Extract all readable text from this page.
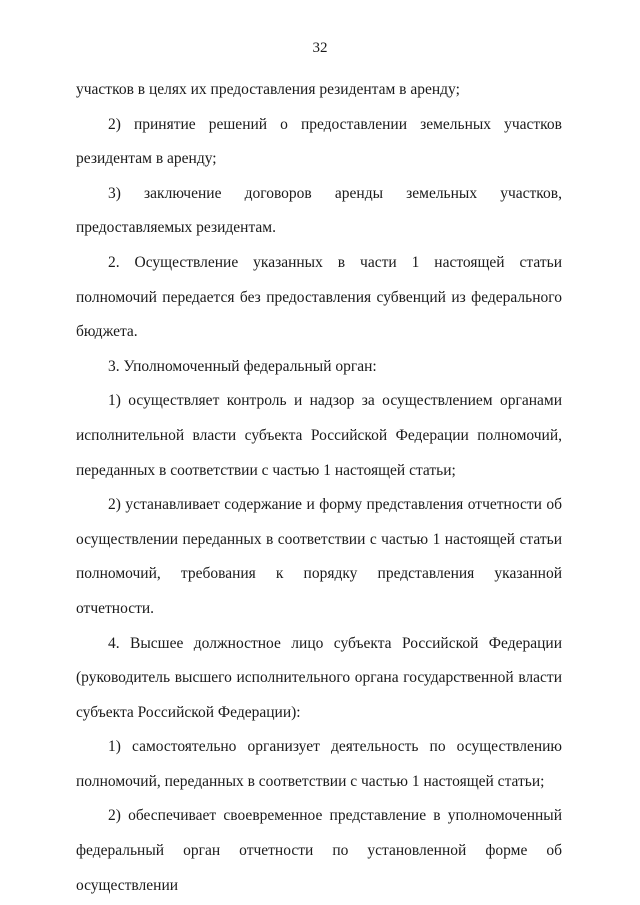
32

участков в целях их предоставления резидентам в аренду;

2) принятие решений о предоставлении земельных участков резидентам в аренду;

3) заключение договоров аренды земельных участков, предоставляемых резидентам.

2. Осуществление указанных в части 1 настоящей статьи полномочий передается без предоставления субвенций из федерального бюджета.

3. Уполномоченный федеральный орган:

1) осуществляет контроль и надзор за осуществлением органами исполнительной власти субъекта Российской Федерации полномочий, переданных в соответствии с частью 1 настоящей статьи;

2) устанавливает содержание и форму представления отчетности об осуществлении переданных в соответствии с частью 1 настоящей статьи полномочий, требования к порядку представления указанной отчетности.

4. Высшее должностное лицо субъекта Российской Федерации (руководитель высшего исполнительного органа государственной власти субъекта Российской Федерации):

1) самостоятельно организует деятельность по осуществлению полномочий, переданных в соответствии с частью 1 настоящей статьи;

2) обеспечивает своевременное представление в уполномоченный федеральный орган отчетности по установленной форме об осуществлении
